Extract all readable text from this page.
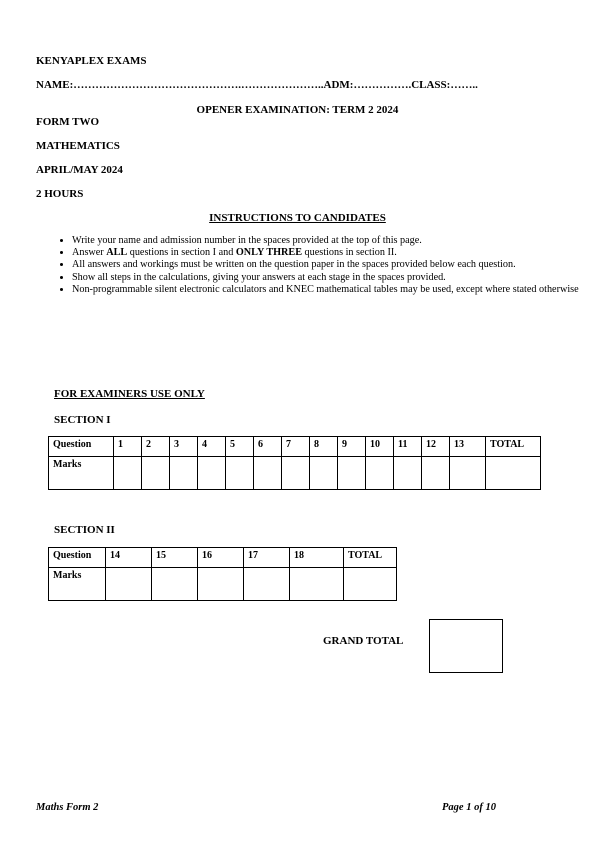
KENYAPLEX EXAMS
NAME:……………………………………….…………………..ADM:…………….CLASS:……..
OPENER EXAMINATION: TERM 2 2024
FORM TWO
MATHEMATICS
APRIL/MAY 2024
2 HOURS
INSTRUCTIONS TO CANDIDATES
• Write your name and admission number in the spaces provided at the top of this page.
• Answer ALL questions in section I and ONLY THREE questions in section II.
• All answers and workings must be written on the question paper in the spaces provided below each question.
• Show all steps in the calculations, giving your answers at each stage in the spaces provided.
• Non-programmable silent electronic calculators and KNEC mathematical tables may be used, except where stated otherwise
FOR EXAMINERS USE ONLY
SECTION I
Question	1	2	3	4	5	6	7	8	9	10	11	12	13	TOTAL
Marks														
SECTION II
Question	14	15	16	17	18	TOTAL
Marks						
GRAND TOTAL
Maths Form 2	Page 1 of 10
